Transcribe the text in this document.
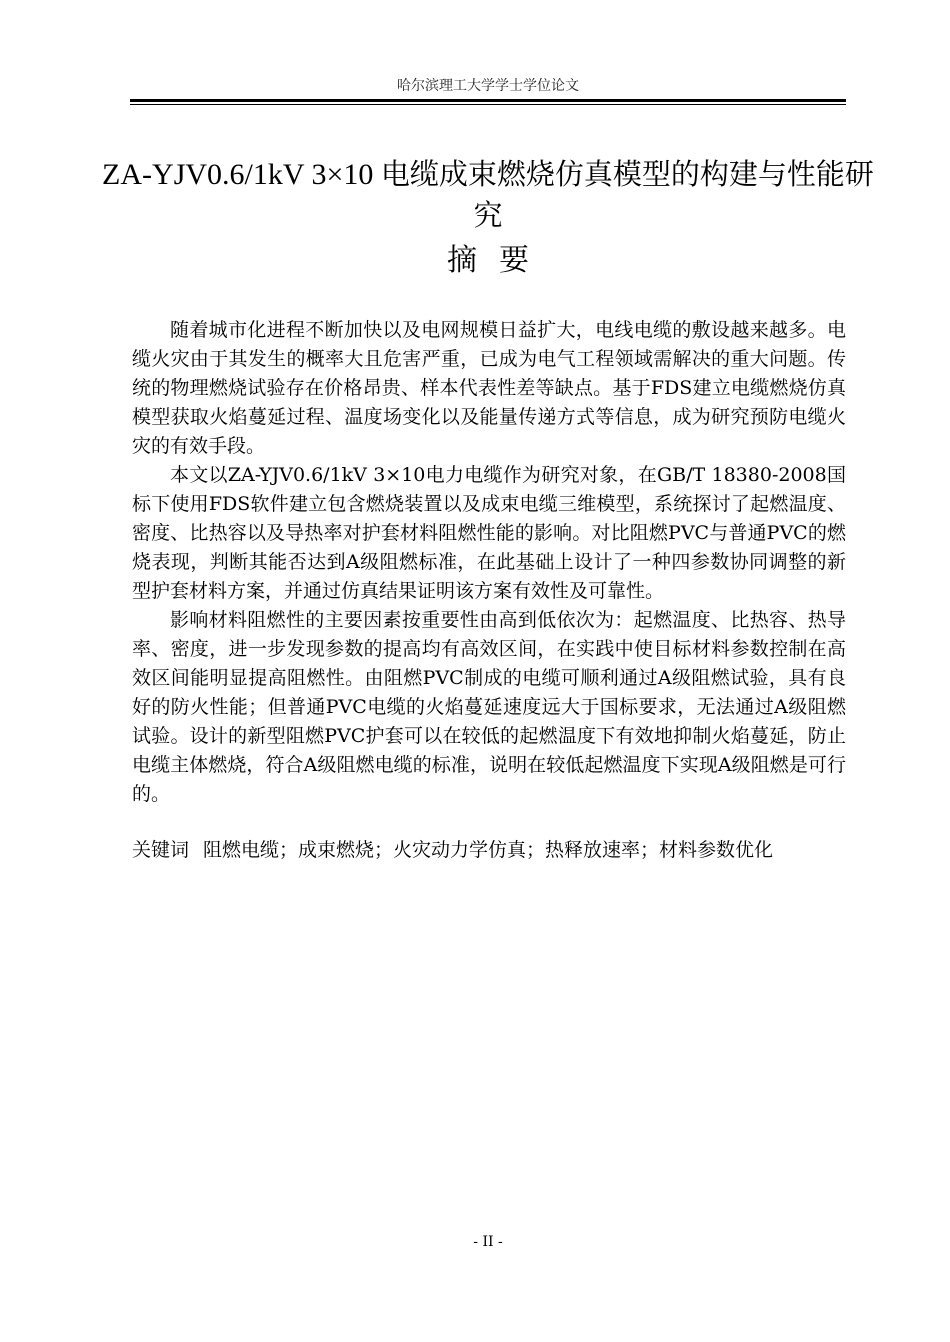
哈尔滨理工大学学士学位论文
ZA-YJV0.6/1kV 3×10 电缆成束燃烧仿真模型的构建与性能研究
摘要

随着城市化进程不断加快以及电网规模日益扩大，电线电缆的敷设越来越多。电缆火灾由于其发生的概率大且危害严重，已成为电气工程领域需解决的重大问题。传统的物理燃烧试验存在价格昂贵、样本代表性差等缺点。基于FDS建立电缆燃烧仿真模型获取火焰蔓延过程、温度场变化以及能量传递方式等信息，成为研究预防电缆火灾的有效手段。

本文以ZA-YJV0.6/1kV 3×10电力电缆作为研究对象，在GB/T 18380-2008国标下使用FDS软件建立包含燃烧装置以及成束电缆三维模型，系统探讨了起燃温度、密度、比热容以及导热率对护套材料阻燃性能的影响。对比阻燃PVC与普通PVC的燃烧表现，判断其能否达到A级阻燃标准，在此基础上设计了一种四参数协同调整的新型护套材料方案，并通过仿真结果证明该方案有效性及可靠性。

影响材料阻燃性的主要因素按重要性由高到低依次为：起燃温度、比热容、热导率、密度，进一步发现参数的提高均有高效区间，在实践中使目标材料参数控制在高效区间能明显提高阻燃性。由阻燃PVC制成的电缆可顺利通过A级阻燃试验，具有良好的防火性能；但普通PVC电缆的火焰蔓延速度远大于国标要求，无法通过A级阻燃试验。设计的新型阻燃PVC护套可以在较低的起燃温度下有效地抑制火焰蔓延，防止电缆主体燃烧，符合A级阻燃电缆的标准，说明在较低起燃温度下实现A级阻燃是可行的。

关键词 阻燃电缆；成束燃烧；火灾动力学仿真；热释放速率；材料参数优化
- II -
